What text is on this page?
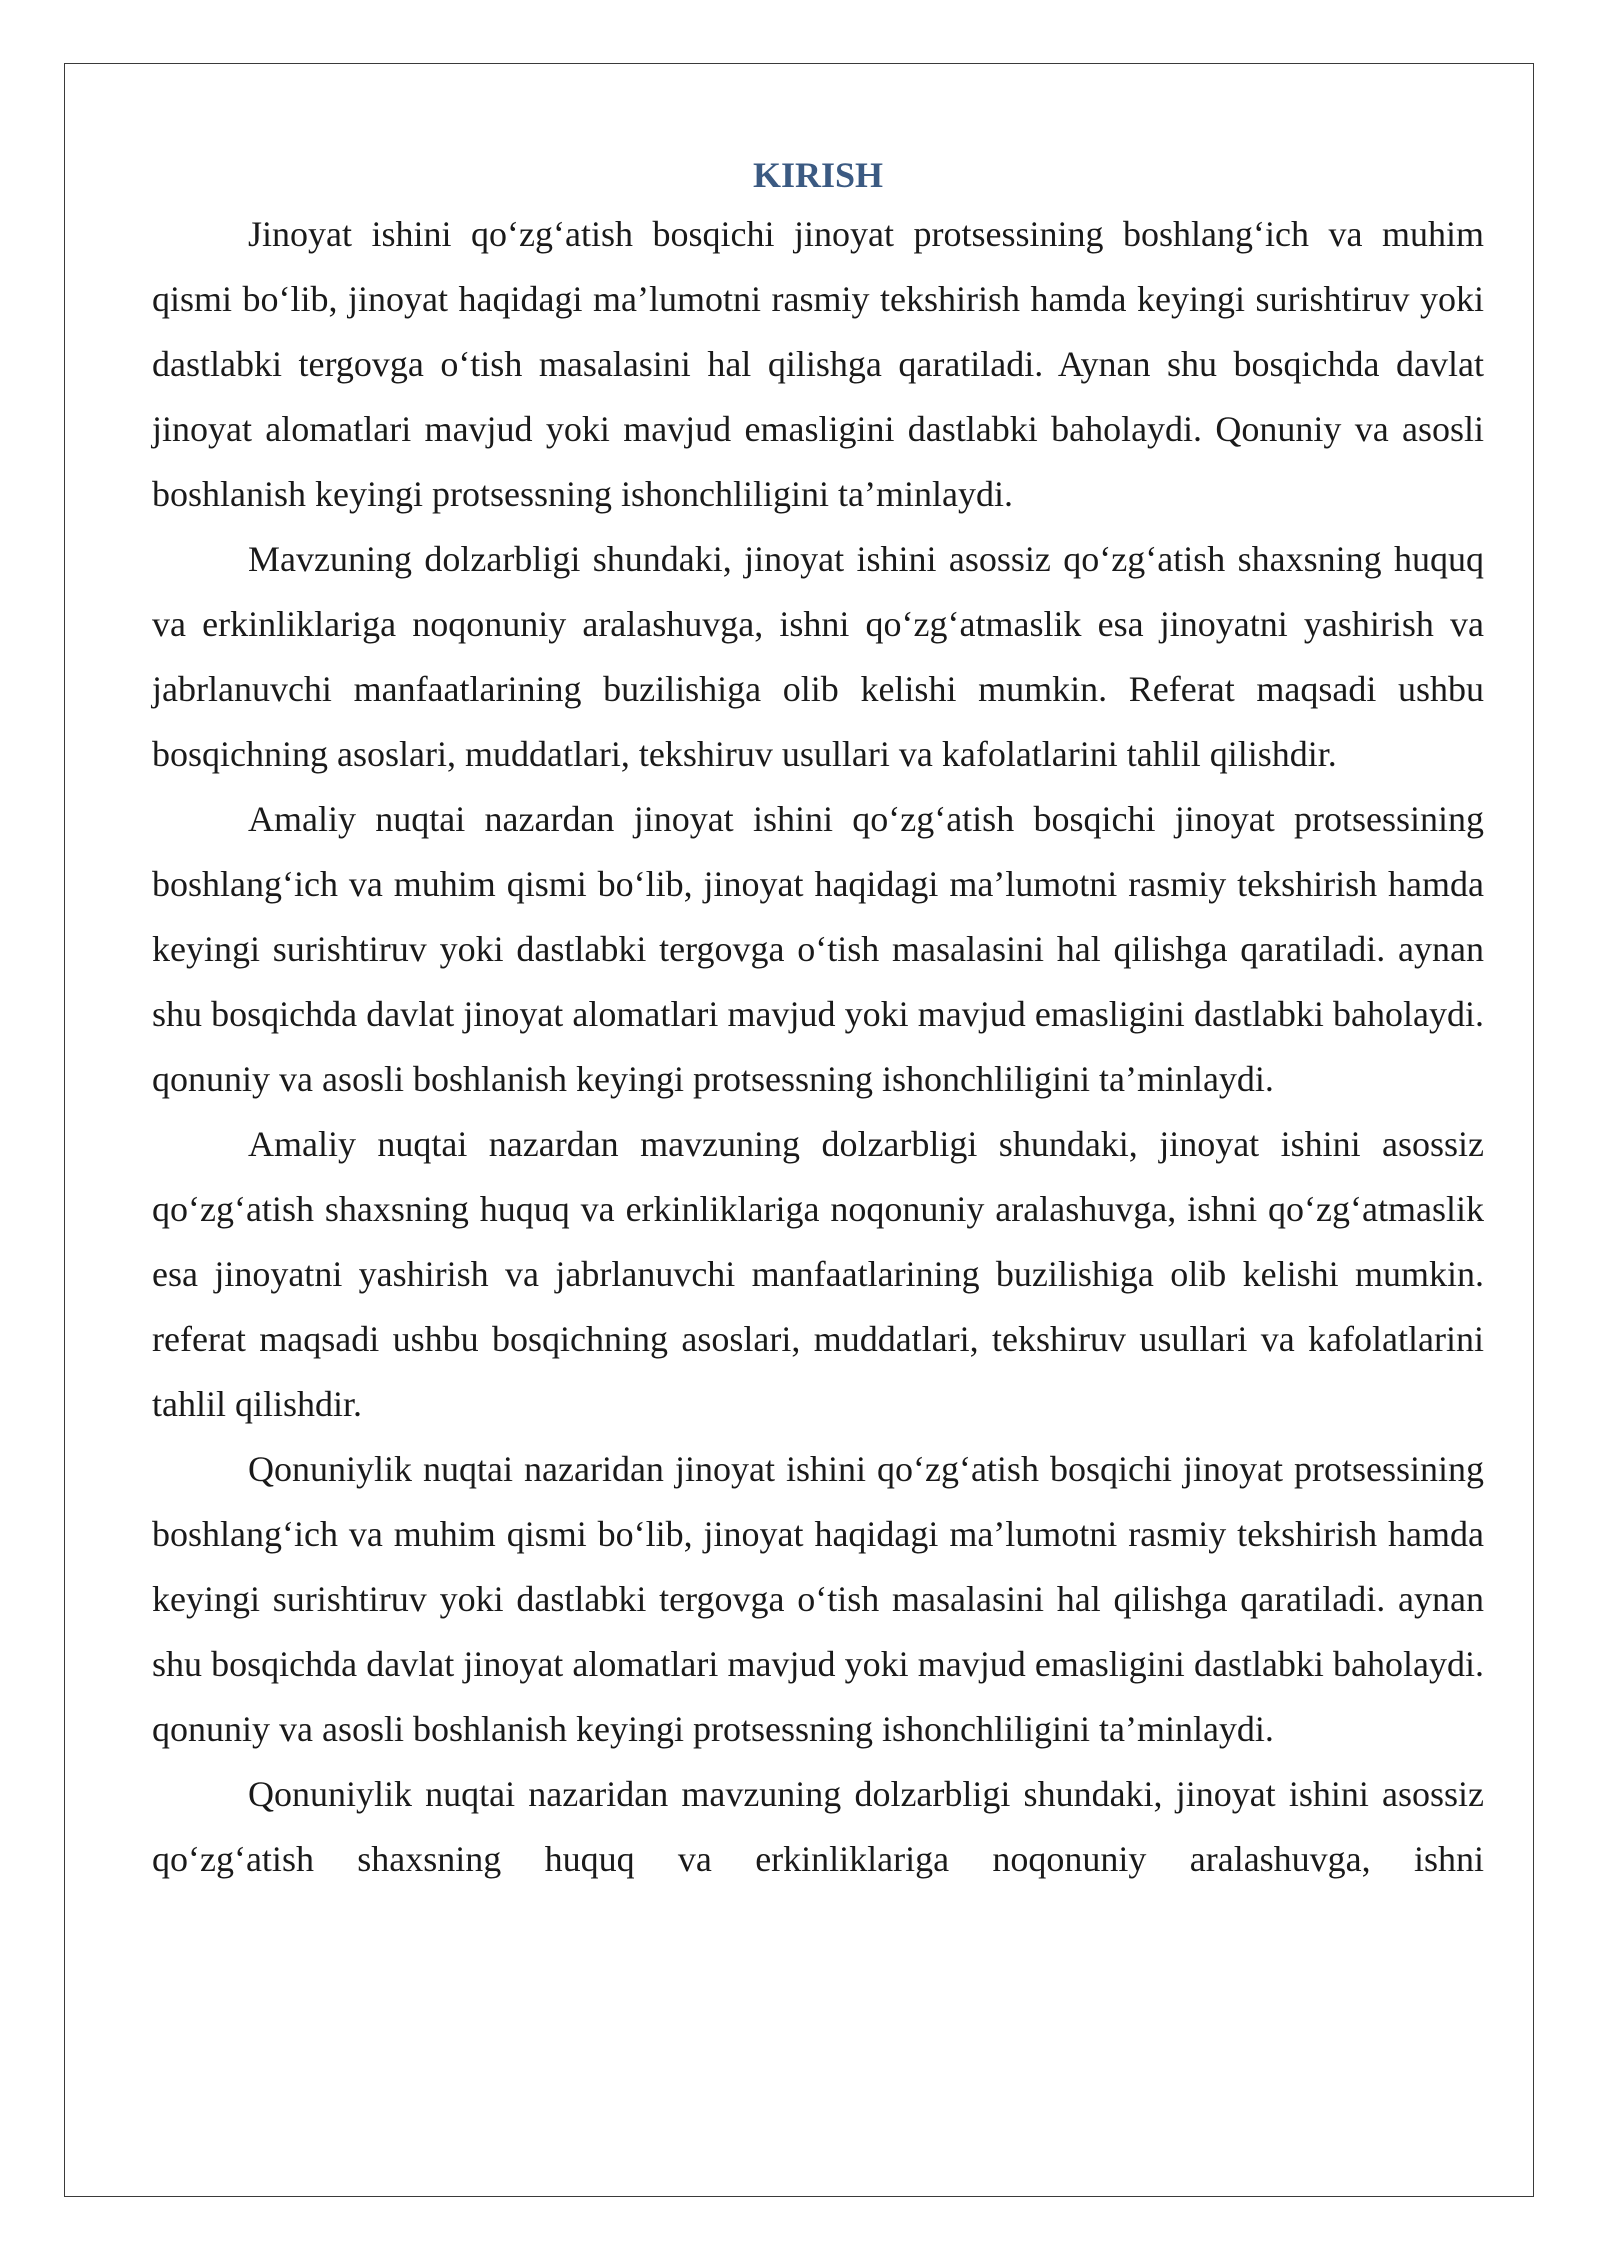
KIRISH

Jinoyat ishini qo‘zg‘atish bosqichi jinoyat protsessining boshlang‘ich va muhim qismi bo‘lib, jinoyat haqidagi ma’lumotni rasmiy tekshirish hamda keyingi surishtiruv yoki dastlabki tergovga o‘tish masalasini hal qilishga qaratiladi. Aynan shu bosqichda davlat jinoyat alomatlari mavjud yoki mavjud emasligini dastlabki baholaydi. Qonuniy va asosli boshlanish keyingi protsessning ishonchliligini ta’minlaydi.

Mavzuning dolzarbligi shundaki, jinoyat ishini asossiz qo‘zg‘atish shaxsning huquq va erkinliklariga noqonuniy aralashuvga, ishni qo‘zg‘atmaslik esa jinoyatni yashirish va jabrlanuvchi manfaatlarining buzilishiga olib kelishi mumkin. Referat maqsadi ushbu bosqichning asoslari, muddatlari, tekshiruv usullari va kafolatlarini tahlil qilishdir.

Amaliy nuqtai nazardan jinoyat ishini qo‘zg‘atish bosqichi jinoyat protsessining boshlang‘ich va muhim qismi bo‘lib, jinoyat haqidagi ma’lumotni rasmiy tekshirish hamda keyingi surishtiruv yoki dastlabki tergovga o‘tish masalasini hal qilishga qaratiladi. aynan shu bosqichda davlat jinoyat alomatlari mavjud yoki mavjud emasligini dastlabki baholaydi. qonuniy va asosli boshlanish keyingi protsessning ishonchliligini ta’minlaydi.

Amaliy nuqtai nazardan mavzuning dolzarbligi shundaki, jinoyat ishini asossiz qo‘zg‘atish shaxsning huquq va erkinliklariga noqonuniy aralashuvga, ishni qo‘zg‘atmaslik esa jinoyatni yashirish va jabrlanuvchi manfaatlarining buzilishiga olib kelishi mumkin. referat maqsadi ushbu bosqichning asoslari, muddatlari, tekshiruv usullari va kafolatlarini tahlil qilishdir.

Qonuniylik nuqtai nazaridan jinoyat ishini qo‘zg‘atish bosqichi jinoyat protsessining boshlang‘ich va muhim qismi bo‘lib, jinoyat haqidagi ma’lumotni rasmiy tekshirish hamda keyingi surishtiruv yoki dastlabki tergovga o‘tish masalasini hal qilishga qaratiladi. aynan shu bosqichda davlat jinoyat alomatlari mavjud yoki mavjud emasligini dastlabki baholaydi. qonuniy va asosli boshlanish keyingi protsessning ishonchliligini ta’minlaydi.

Qonuniylik nuqtai nazaridan mavzuning dolzarbligi shundaki, jinoyat ishini asossiz qo‘zg‘atish shaxsning huquq va erkinliklariga noqonuniy aralashuvga, ishni
